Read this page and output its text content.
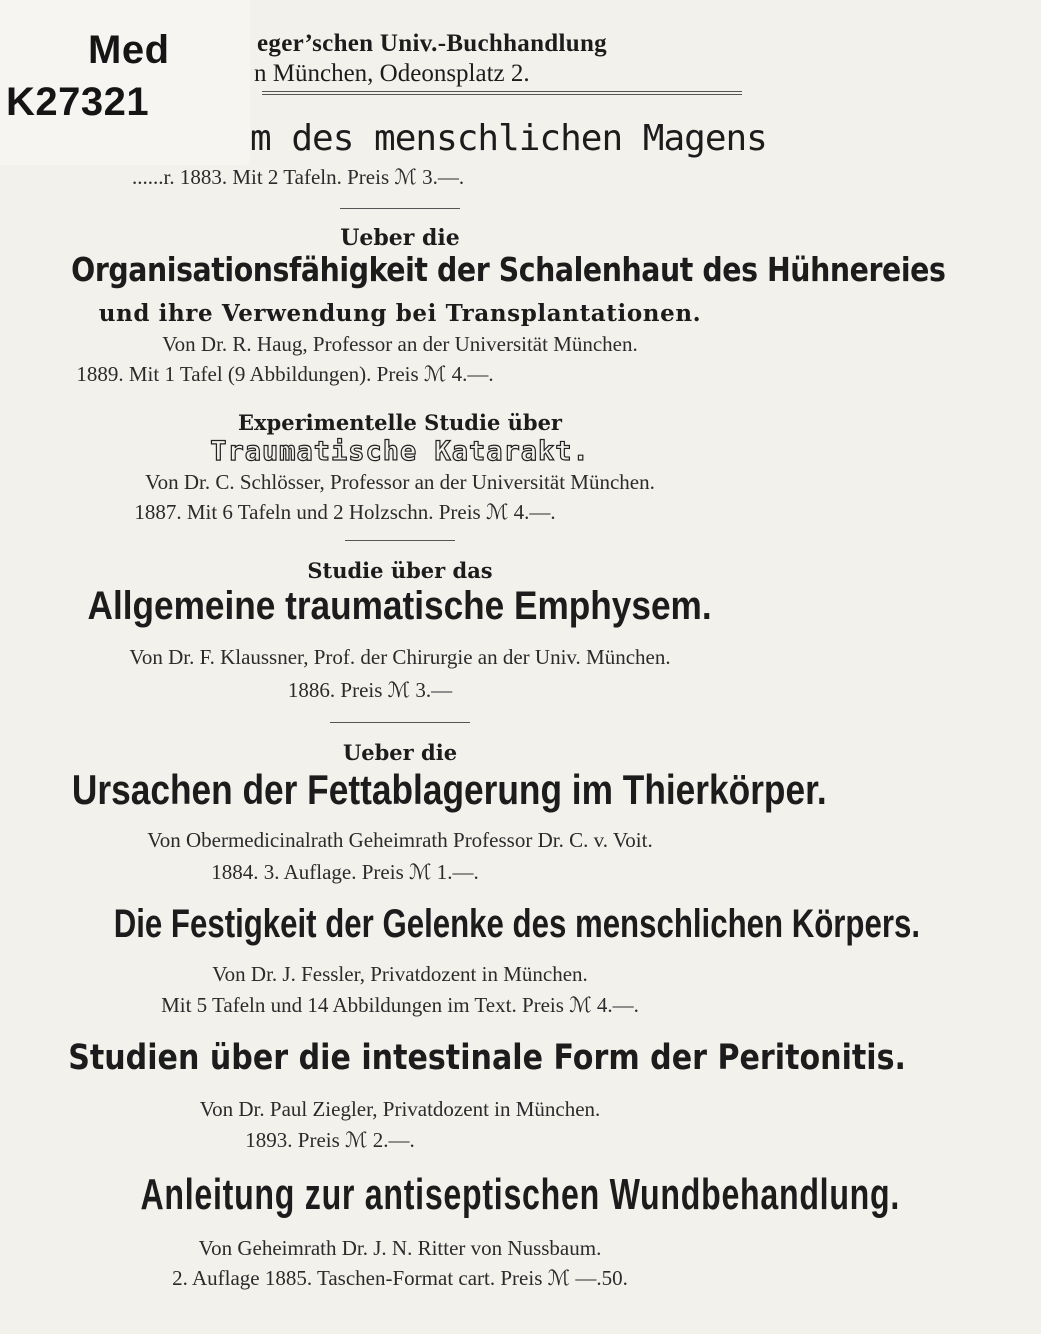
Med
K27321
eger’schen Univ.-Buchhandlung
n München, Odeonsplatz 2.
m des menschlichen Magens
......r. 1883. Mit 2 Tafeln. Preis ℳ 3.—.
Ueber die
Organisationsfähigkeit der Schalenhaut des Hühnereies
und ihre Verwendung bei Transplantationen.
Von Dr. R. Haug, Professor an der Universität München.
1889. Mit 1 Tafel (9 Abbildungen). Preis ℳ 4.—.
Experimentelle Studie über
Traumatische Katarakt.
Von Dr. C. Schlösser, Professor an der Universität München.
1887. Mit 6 Tafeln und 2 Holzschn. Preis ℳ 4.—.
Studie über das
Allgemeine traumatische Emphysem.
Von Dr. F. Klaussner, Prof. der Chirurgie an der Univ. München.
1886. Preis ℳ 3.—
Ueber die
Ursachen der Fettablagerung im Thierkörper.
Von Obermedicinalrath Geheimrath Professor Dr. C. v. Voit.
1884. 3. Auflage. Preis ℳ 1.—.
Die Festigkeit der Gelenke des menschlichen Körpers.
Von Dr. J. Fessler, Privatdozent in München.
Mit 5 Tafeln und 14 Abbildungen im Text. Preis ℳ 4.—.
Studien über die intestinale Form der Peritonitis.
Von Dr. Paul Ziegler, Privatdozent in München.
1893. Preis ℳ 2.—.
Anleitung zur antiseptischen Wundbehandlung.
Von Geheimrath Dr. J. N. Ritter von Nussbaum.
2. Auflage 1885. Taschen-Format cart. Preis ℳ —.50.
